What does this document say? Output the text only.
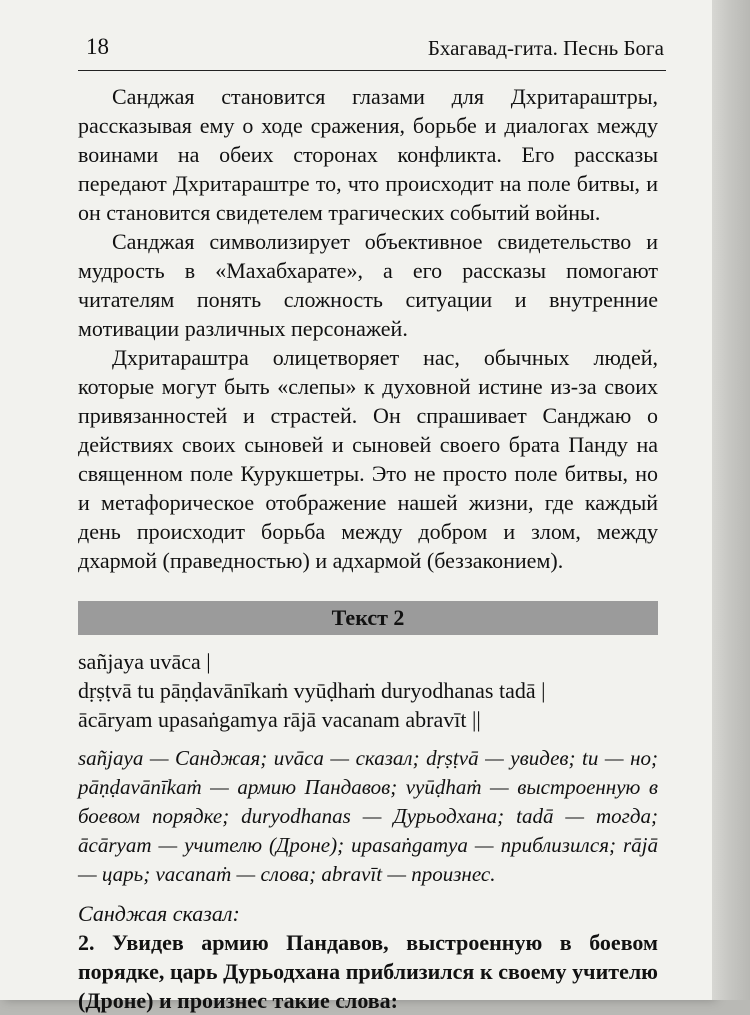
18	Бхагавад-гита. Песнь Бога

Санджая становится глазами для Дхритараштры, рассказывая ему о ходе сражения, борьбе и диалогах между воинами на обеих сторонах конфликта. Его рассказы передают Дхритараштре то, что происходит на поле битвы, и он становится свидетелем трагических событий войны.

Санджая символизирует объективное свидетельство и мудрость в «Махабхарате», а его рассказы помогают читателям понять сложность ситуации и внутренние мотивации различных персонажей.

Дхритараштра олицетворяет нас, обычных людей, которые могут быть «слепы» к духовной истине из-за своих привязанностей и страстей. Он спрашивает Санджаю о действиях своих сыновей и сыновей своего брата Панду на священном поле Курукшетры. Это не просто поле битвы, но и метафорическое отображение нашей жизни, где каждый день происходит борьба между добром и злом, между дхармой (праведностью) и адхармой (беззаконием).

Текст 2
sañjaya uvāca |
dṛṣṭvā tu pāṇḍavānīkaṁ vyūḍhaṁ duryodhanas tadā |
ācāryam upasaṅgamya rājā vacanam abravīt ||
sañjaya — Санджая; uvāca — сказал; dṛṣṭvā — увидев; tu — но; pāṇḍavānīkaṁ — армию Пандавов; vyūḍhaṁ — выстроенную в боевом порядке; duryodhanas — Дурьодхана; tadā — тогда; ācāryam — учителю (Дроне); upasaṅgamya — приблизился; rājā — царь; vacanaṁ — слова; abravīt — произнес.
Санджая сказал:
2. Увидев армию Пандавов, выстроенную в боевом порядке, царь Дурьодхана приблизился к своему учителю (Дроне) и произнес такие слова:
